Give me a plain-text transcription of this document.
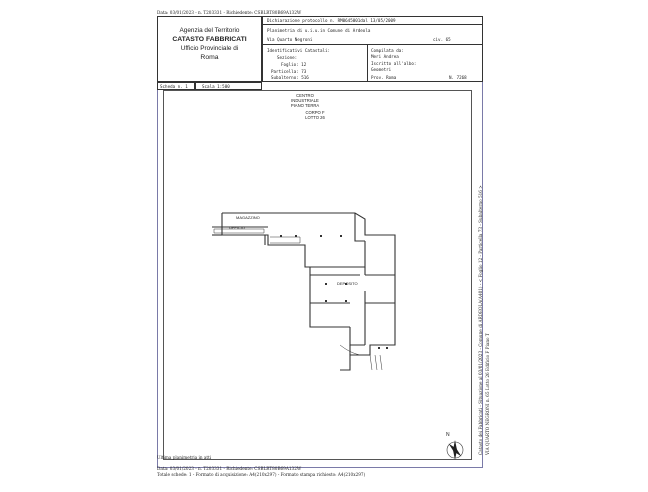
Data: 03/01/2023 - n. T203331 - Richiedente: CSBLRT80B69A132W
Agenzia del Territorio
CATASTO FABBRICATI
Ufficio Provinciale di
Roma
Dichiarazione protocollo n. RM0645001dal 13/05/2009
Planimetria di u.i.u.in Comune di Ardeola
Via Quarto Negroni	civ. 65
Identificativi Catastali:
Sezione:
Foglio: 12
Particella: 73
Subalterno: 516
Compilata da:
Meri Andrea
Iscritto all'albo:
Geometri
Prov. Roma	N. 7268
Scheda n. 1	Scala 1:500
CENTRO INDUSTRIALE
PIANO TERRA
CORPO F
LOTTO 26
MAGAZZINO
UFFICIO
DEPOSITO	Catasto dei Fabbricati - Situazione al 03/01/2023 - Comune di ARDEOLA(A401) - < Foglio 12 - Particella 73 - Subalterno 516 > VIA QUARTO NEGRONI n. 65 Lotto 26 Edificio F Piano T
N
Ultima planimetria in atti
Data: 03/01/2023 - n. T203331 - Richiedente: CSBLRT80B69A132W
Totale schede: 1 - Formato di acquisizione: A4(210x297) - Formato stampa richiesto: A4(210x297)
